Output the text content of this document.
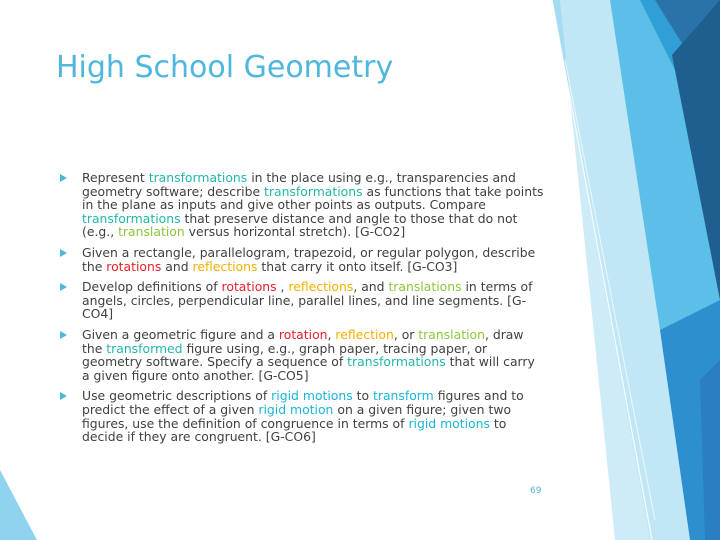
High School Geometry
Represent transformations in the place using e.g., transparencies and geometry software; describe transformations as functions that take points in the plane as inputs and give other points as outputs. Compare transformations that preserve distance and angle to those that do not (e.g., translation versus horizontal stretch). [G-CO2]
Given a rectangle, parallelogram, trapezoid, or regular polygon, describe the rotations and reflections that carry it onto itself. [G-CO3]
Develop definitions of rotations , reflections, and translations in terms of angels, circles, perpendicular line, parallel lines, and line segments. [G-CO4]
Given a geometric figure and a rotation, reflection, or translation, draw the transformed figure using, e.g., graph paper, tracing paper, or geometry software. Specify a sequence of transformations that will carry a given figure onto another. [G-CO5]
Use geometric descriptions of rigid motions to transform figures and to predict the effect of a given rigid motion on a given figure; given two figures, use the definition of congruence in terms of rigid motions to decide if they are congruent. [G-CO6]
69
